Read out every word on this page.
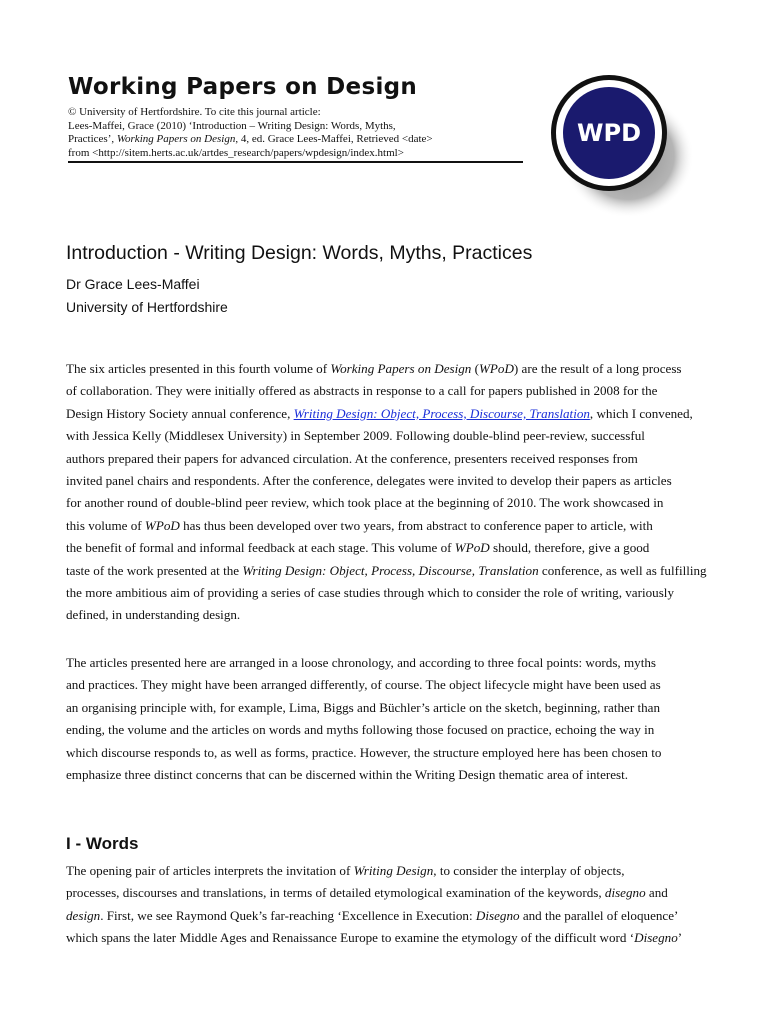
Working Papers on Design

© University of Hertfordshire. To cite this journal article:

Lees-Maffei, Grace (2010) ‘Introduction – Writing Design: Words, Myths,

Practices’, Working Papers on Design, 4, ed. Grace Lees-Maffei, Retrieved <date>

from <http://sitem.herts.ac.uk/artdes_research/papers/wpdesign/index.html>

WPD
Introduction - Writing Design: Words, Myths, Practices

Dr Grace Lees-Maffei

University of Hertfordshire

The six articles presented in this fourth volume of Working Papers on Design (WPoD) are the result of a long process
of collaboration. They were initially offered as abstracts in response to a call for papers published in 2008 for the
Design History Society annual conference, Writing Design: Object, Process, Discourse, Translation, which I convened,
with Jessica Kelly (Middlesex University) in September 2009. Following double-blind peer-review, successful
authors prepared their papers for advanced circulation. At the conference, presenters received responses from
invited panel chairs and respondents. After the conference, delegates were invited to develop their papers as articles
for another round of double-blind peer review, which took place at the beginning of 2010. The work showcased in
this volume of WPoD has thus been developed over two years, from abstract to conference paper to article, with
the benefit of formal and informal feedback at each stage. This volume of WPoD should, therefore, give a good
taste of the work presented at the Writing Design: Object, Process, Discourse, Translation conference, as well as fulfilling
the more ambitious aim of providing a series of case studies through which to consider the role of writing, variously
defined, in understanding design.
The articles presented here are arranged in a loose chronology, and according to three focal points: words, myths
and practices. They might have been arranged differently, of course. The object lifecycle might have been used as
an organising principle with, for example, Lima, Biggs and Büchler’s article on the sketch, beginning, rather than
ending, the volume and the articles on words and myths following those focused on practice, echoing the way in
which discourse responds to, as well as forms, practice. However, the structure employed here has been chosen to
emphasize three distinct concerns that can be discerned within the Writing Design thematic area of interest.
I - Words
The opening pair of articles interprets the invitation of Writing Design, to consider the interplay of objects,
processes, discourses and translations, in terms of detailed etymological examination of the keywords, disegno and
design. First, we see Raymond Quek’s far-reaching ‘Excellence in Execution: Disegno and the parallel of eloquence’
which spans the later Middle Ages and Renaissance Europe to examine the etymology of the difficult word ‘Disegno’
